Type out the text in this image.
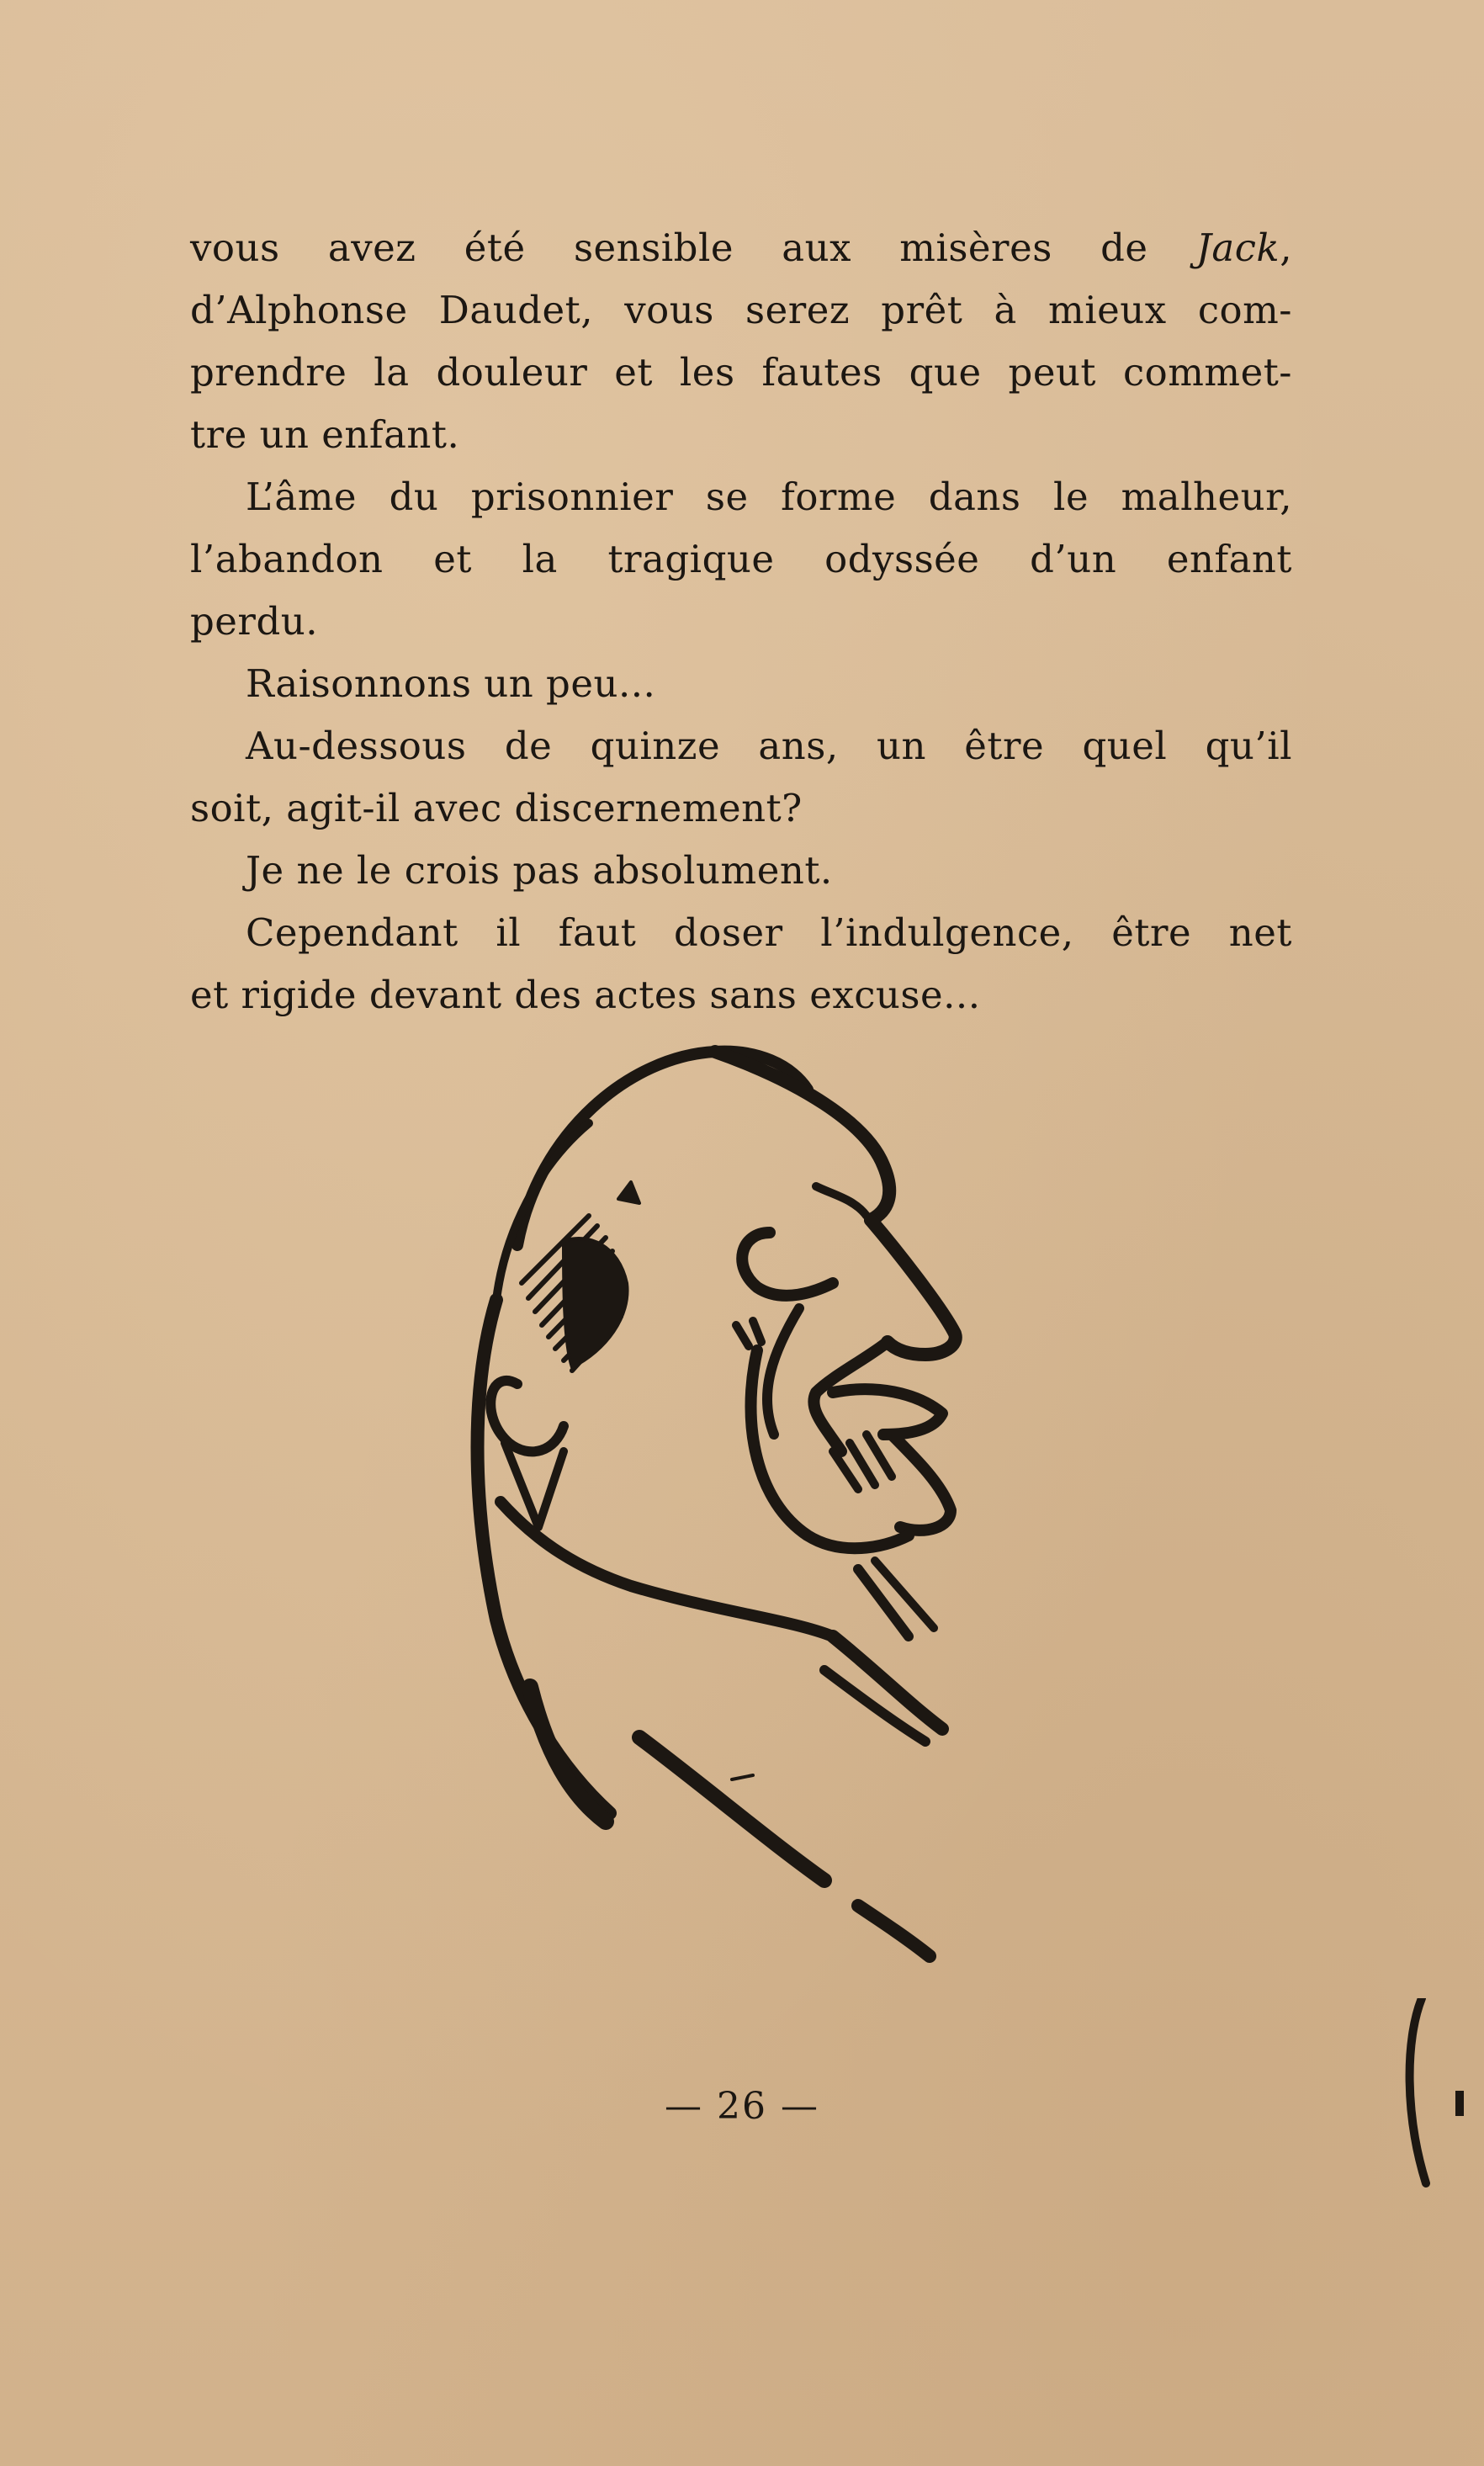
vous avez été sensible aux misères de Jack,

d’Alphonse Daudet, vous serez prêt à mieux com-

prendre la douleur et les fautes que peut commet-

tre un enfant.

L’âme du prisonnier se forme dans le malheur,

l’abandon et la tragique odyssée d’un enfant

perdu.

Raisonnons un peu...

Au-dessous de quinze ans, un être quel qu’il

soit, agit-il avec discernement?

Je ne le crois pas absolument.

Cependant il faut doser l’indulgence, être net

et rigide devant des actes sans excuse...

— 26 —
